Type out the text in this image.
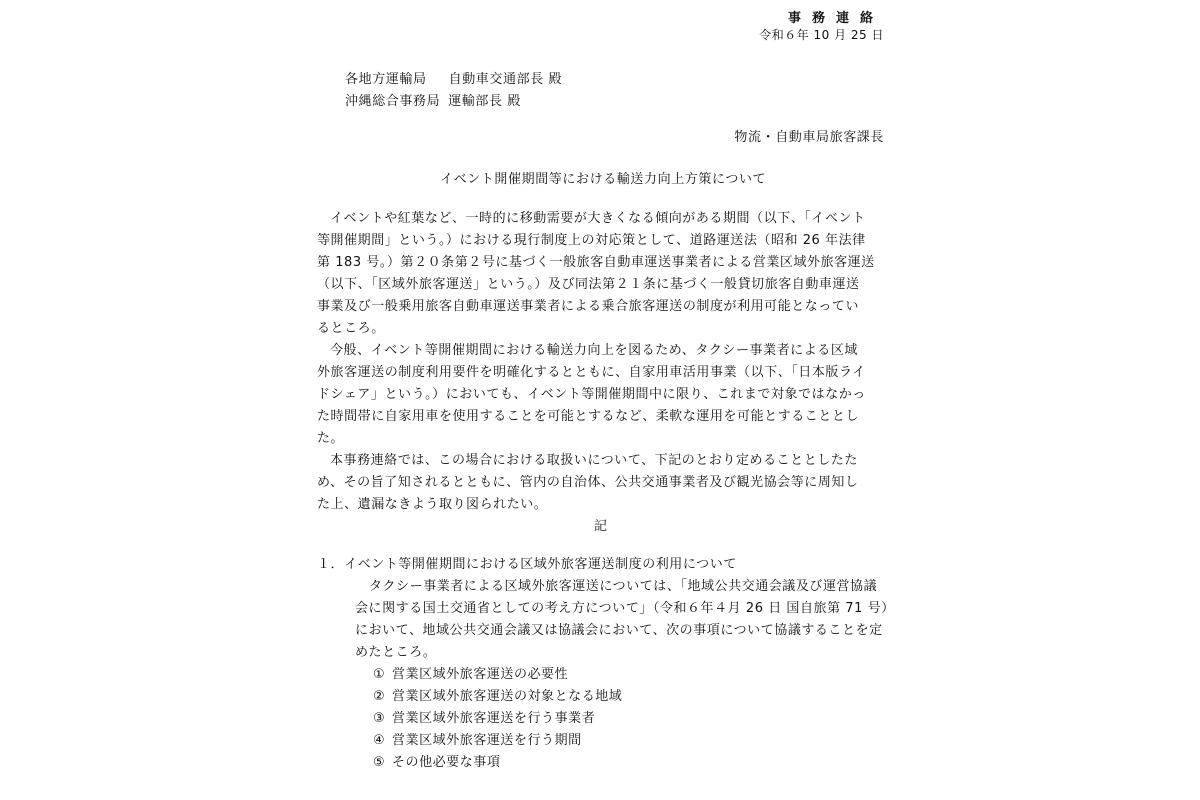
事務連絡
令和６年 10 月 25 日
各地方運輸局 自動車交通部長 殿
沖縄総合事務局 運輸部長 殿
物流・自動車局旅客課長
イベント開催期間等における輸送力向上方策について
イベントや紅葉など、一時的に移動需要が大きくなる傾向がある期間（以下、「イベント
等開催期間」という。）における現行制度上の対応策として、道路運送法（昭和 26 年法律
第 183 号。）第２０条第２号に基づく一般旅客自動車運送事業者による営業区域外旅客運送
（以下、「区域外旅客運送」という。）及び同法第２１条に基づく一般貸切旅客自動車運送
事業及び一般乗用旅客自動車運送事業者による乗合旅客運送の制度が利用可能となってい
るところ。
今般、イベント等開催期間における輸送力向上を図るため、タクシー事業者による区域
外旅客運送の制度利用要件を明確化するとともに、自家用車活用事業（以下、「日本版ライ
ドシェア」という。）においても、イベント等開催期間中に限り、これまで対象ではなかっ
た時間帯に自家用車を使用することを可能とするなど、柔軟な運用を可能とすることとし
た。
本事務連絡では、この場合における取扱いについて、下記のとおり定めることとしたた
め、その旨了知されるとともに、管内の自治体、公共交通事業者及び観光協会等に周知し
た上、遺漏なきよう取り図られたい。
記
１．イベント等開催期間における区域外旅客運送制度の利用について
タクシー事業者による区域外旅客運送については、「地域公共交通会議及び運営協議
会に関する国土交通省としての考え方について」（令和６年４月 26 日 国自旅第 71 号）
において、地域公共交通会議又は協議会において、次の事項について協議することを定
めたところ。
① 営業区域外旅客運送の必要性
② 営業区域外旅客運送の対象となる地域
③ 営業区域外旅客運送を行う事業者
④ 営業区域外旅客運送を行う期間
⑤ その他必要な事項
